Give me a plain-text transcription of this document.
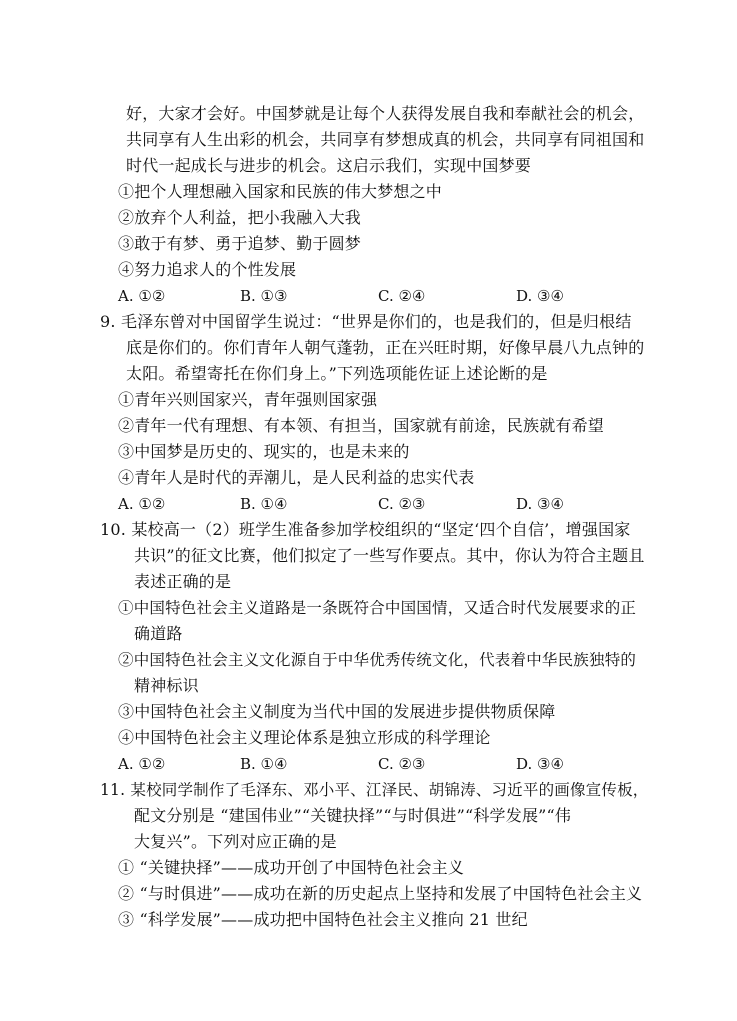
好，大家才会好。中国梦就是让每个人获得发展自我和奉献社会的机会，
共同享有人生出彩的机会，共同享有梦想成真的机会，共同享有同祖国和
时代一起成长与进步的机会。这启示我们，实现中国梦要
①把个人理想融入国家和民族的伟大梦想之中
②放弃个人利益，把小我融入大我
③敢于有梦、勇于追梦、勤于圆梦
④努力追求人的个性发展
A. ①②	B. ①③	C. ②④	D. ③④
9. 毛泽东曾对中国留学生说过：“世界是你们的，也是我们的，但是归根结
底是你们的。你们青年人朝气蓬勃，正在兴旺时期，好像早晨八九点钟的
太阳。希望寄托在你们身上。”下列选项能佐证上述论断的是
①青年兴则国家兴，青年强则国家强
②青年一代有理想、有本领、有担当，国家就有前途，民族就有希望
③中国梦是历史的、现实的，也是未来的
④青年人是时代的弄潮儿，是人民利益的忠实代表
A. ①②	B. ①④	C. ②③	D. ③④
10. 某校高一（2）班学生准备参加学校组织的“坚定‘四个自信’，增强国家
共识”的征文比赛，他们拟定了一些写作要点。其中，你认为符合主题且
表述正确的是
①中国特色社会主义道路是一条既符合中国国情，又适合时代发展要求的正
确道路
②中国特色社会主义文化源自于中华优秀传统文化，代表着中华民族独特的
精神标识
③中国特色社会主义制度为当代中国的发展进步提供物质保障
④中国特色社会主义理论体系是独立形成的科学理论
A. ①②	B. ①④	C. ②③	D. ③④
11. 某校同学制作了毛泽东、邓小平、江泽民、胡锦涛、习近平的画像宣传板，
配文分别是 “建国伟业”“关键抉择”“与时俱进”“科学发展”“伟
大复兴”。下列对应正确的是
① “关键抉择”——成功开创了中国特色社会主义
② “与时俱进”——成功在新的历史起点上坚持和发展了中国特色社会主义
③ “科学发展”——成功把中国特色社会主义推向 21 世纪
